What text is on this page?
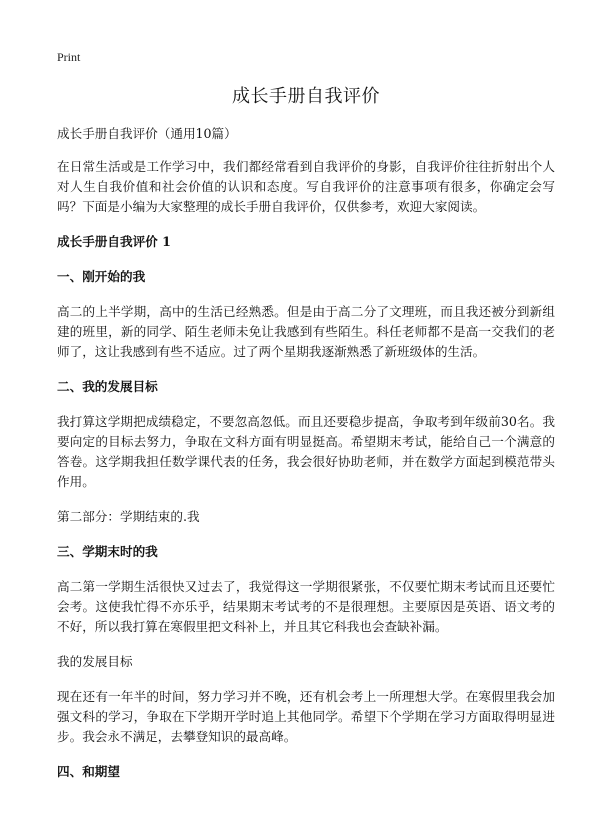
Print
成长手册自我评价

成长手册自我评价（通用10篇）

在日常生活或是工作学习中，我们都经常看到自我评价的身影，自我评价往往折射出个人对人生自我价值和社会价值的认识和态度。写自我评价的注意事项有很多，你确定会写吗？下面是小编为大家整理的成长手册自我评价，仅供参考，欢迎大家阅读。

成长手册自我评价 1

一、刚开始的我

高二的上半学期，高中的生活已经熟悉。但是由于高二分了文理班，而且我还被分到新组建的班里，新的同学、陌生老师未免让我感到有些陌生。科任老师都不是高一交我们的老师了，这让我感到有些不适应。过了两个星期我逐渐熟悉了新班级体的生活。

二、我的发展目标

我打算这学期把成绩稳定，不要忽高忽低。而且还要稳步提高，争取考到年级前30名。我要向定的目标去努力，争取在文科方面有明显挺高。希望期末考试，能给自己一个满意的答卷。这学期我担任数学课代表的任务，我会很好协助老师，并在数学方面起到模范带头作用。

第二部分：学期结束的.我

三、学期末时的我

高二第一学期生活很快又过去了，我觉得这一学期很紧张，不仅要忙期末考试而且还要忙会考。这使我忙得不亦乐乎，结果期末考试考的不是很理想。主要原因是英语、语文考的不好，所以我打算在寒假里把文科补上，并且其它科我也会查缺补漏。

我的发展目标

现在还有一年半的时间，努力学习并不晚，还有机会考上一所理想大学。在寒假里我会加强文科的学习，争取在下学期开学时追上其他同学。希望下个学期在学习方面取得明显进步。我会永不满足，去攀登知识的最高峰。

四、和期望
